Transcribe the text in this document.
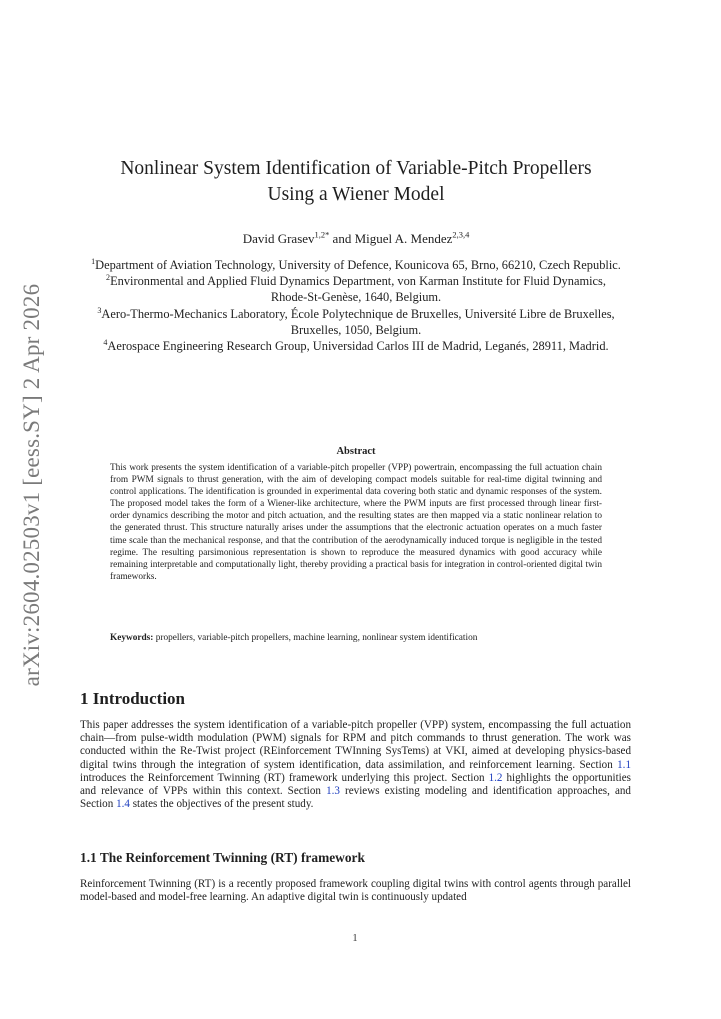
arXiv:2604.02503v1 [eess.SY] 2 Apr 2026
Nonlinear System Identification of Variable-Pitch Propellers
Using a Wiener Model
David Grasev$^{1,2*}$ and Miguel A. Mendez$^{2,3,4}$
$^1$Department of Aviation Technology, University of Defence, Kounicova 65, Brno, 66210, Czech Republic.
$^2$Environmental and Applied Fluid Dynamics Department, von Karman Institute for Fluid Dynamics, Rhode-St-Genèse, 1640, Belgium.
$^3$Aero-Thermo-Mechanics Laboratory, École Polytechnique de Bruxelles, Université Libre de Bruxelles, Bruxelles, 1050, Belgium.
$^4$Aerospace Engineering Research Group, Universidad Carlos III de Madrid, Leganés, 28911, Madrid.
Abstract
This work presents the system identification of a variable-pitch propeller (VPP) powertrain, encompassing the full actuation chain from PWM signals to thrust generation, with the aim of developing compact models suitable for real-time digital twinning and control applications. The identification is grounded in experimental data covering both static and dynamic responses of the system. The proposed model takes the form of a Wiener-like architecture, where the PWM inputs are first processed through linear first-order dynamics describing the motor and pitch actuation, and the resulting states are then mapped via a static nonlinear relation to the generated thrust. This structure naturally arises under the assumptions that the electronic actuation operates on a much faster time scale than the mechanical response, and that the contribution of the aerodynamically induced torque is negligible in the tested regime. The resulting parsimonious representation is shown to reproduce the measured dynamics with good accuracy while remaining interpretable and computationally light, thereby providing a practical basis for integration in control-oriented digital twin frameworks.
Keywords: propellers, variable-pitch propellers, machine learning, nonlinear system identification
1 Introduction
This paper addresses the system identification of a variable-pitch propeller (VPP) system, encompassing the full actuation chain—from pulse-width modulation (PWM) signals for RPM and pitch commands to thrust generation. The work was conducted within the Re-Twist project (REinforcement TWInning SysTems) at VKI, aimed at developing physics-based digital twins through the integration of system identification, data assimilation, and reinforcement learning. Section 1.1 introduces the Reinforcement Twinning (RT) framework underlying this project. Section 1.2 highlights the opportunities and relevance of VPPs within this context. Section 1.3 reviews existing modeling and identification approaches, and Section 1.4 states the objectives of the present study.
1.1 The Reinforcement Twinning (RT) framework
Reinforcement Twinning (RT) is a recently proposed framework coupling digital twins with control agents through parallel model-based and model-free learning. An adaptive digital twin is continuously updated
1
